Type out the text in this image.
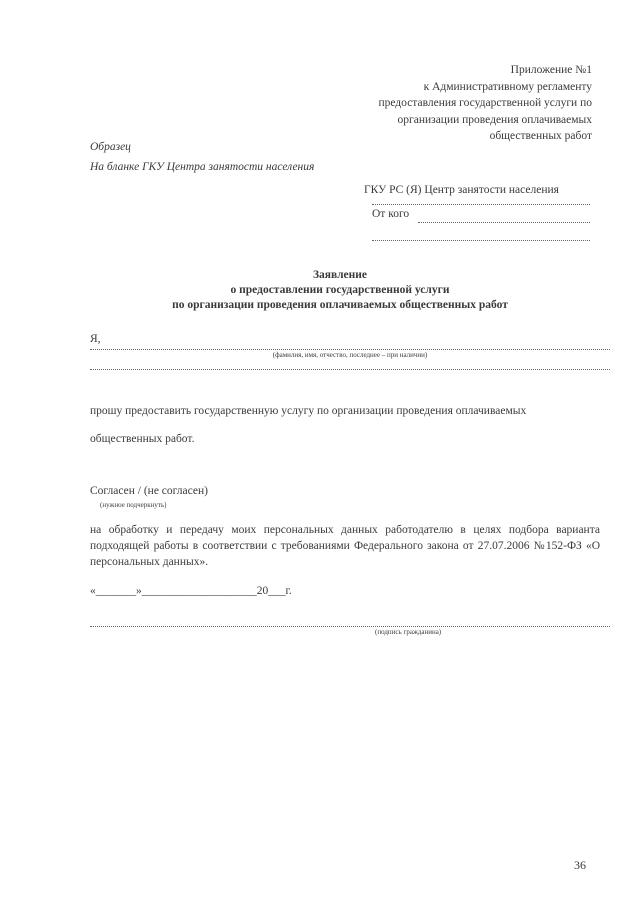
Приложение №1
к Административному регламенту
предоставления государственной услуги по
организации проведения оплачиваемых
общественных работ
Образец
На бланке ГКУ Центра занятости населения
ГКУ РС (Я) Центр занятости населения
От кого
Заявление
о предоставлении государственной услуги
по организации проведения оплачиваемых общественных работ
Я,
(фамилия, имя, отчество, последнее – при наличии)
прошу предоставить государственную услугу по организации проведения оплачиваемых общественных работ.
Согласен / (не согласен)
(нужное подчеркнуть)
на обработку и передачу моих персональных данных работодателю в целях подбора варианта подходящей работы в соответствии с требованиями Федерального закона от 27.07.2006 №152-ФЗ «О персональных данных».
«_______»____________________20___г.
(подпись гражданина)
36
